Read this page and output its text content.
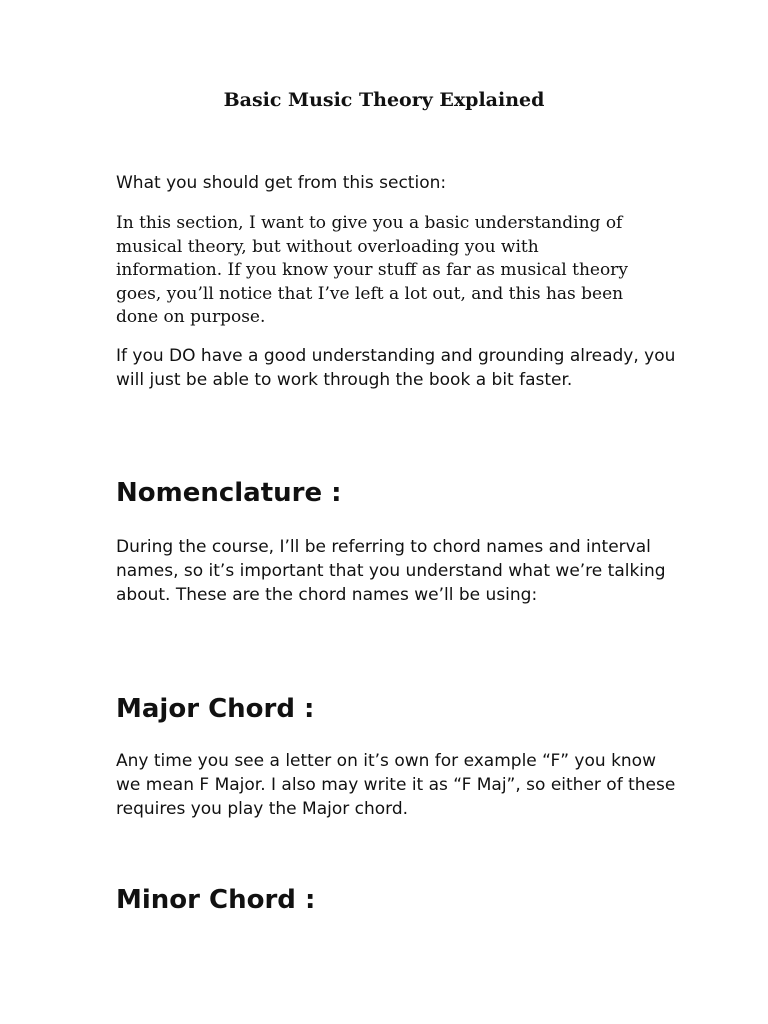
Basic Music Theory Explained

What you should get from this section:

In this section, I want to give you a basic understanding of musical theory, but without overloading you with information. If you know your stuff as far as musical theory goes, you’ll notice that I’ve left a lot out, and this has been done on purpose.

If you DO have a good understanding and grounding already, you will just be able to work through the book a bit faster.

Nomenclature :

During the course, I’ll be referring to chord names and interval names, so it’s important that you understand what we’re talking about. These are the chord names we’ll be using:

Major Chord :

Any time you see a letter on it’s own for example “F” you know we mean F Major. I also may write it as “F Maj”, so either of these requires you play the Major chord.

Minor Chord :
